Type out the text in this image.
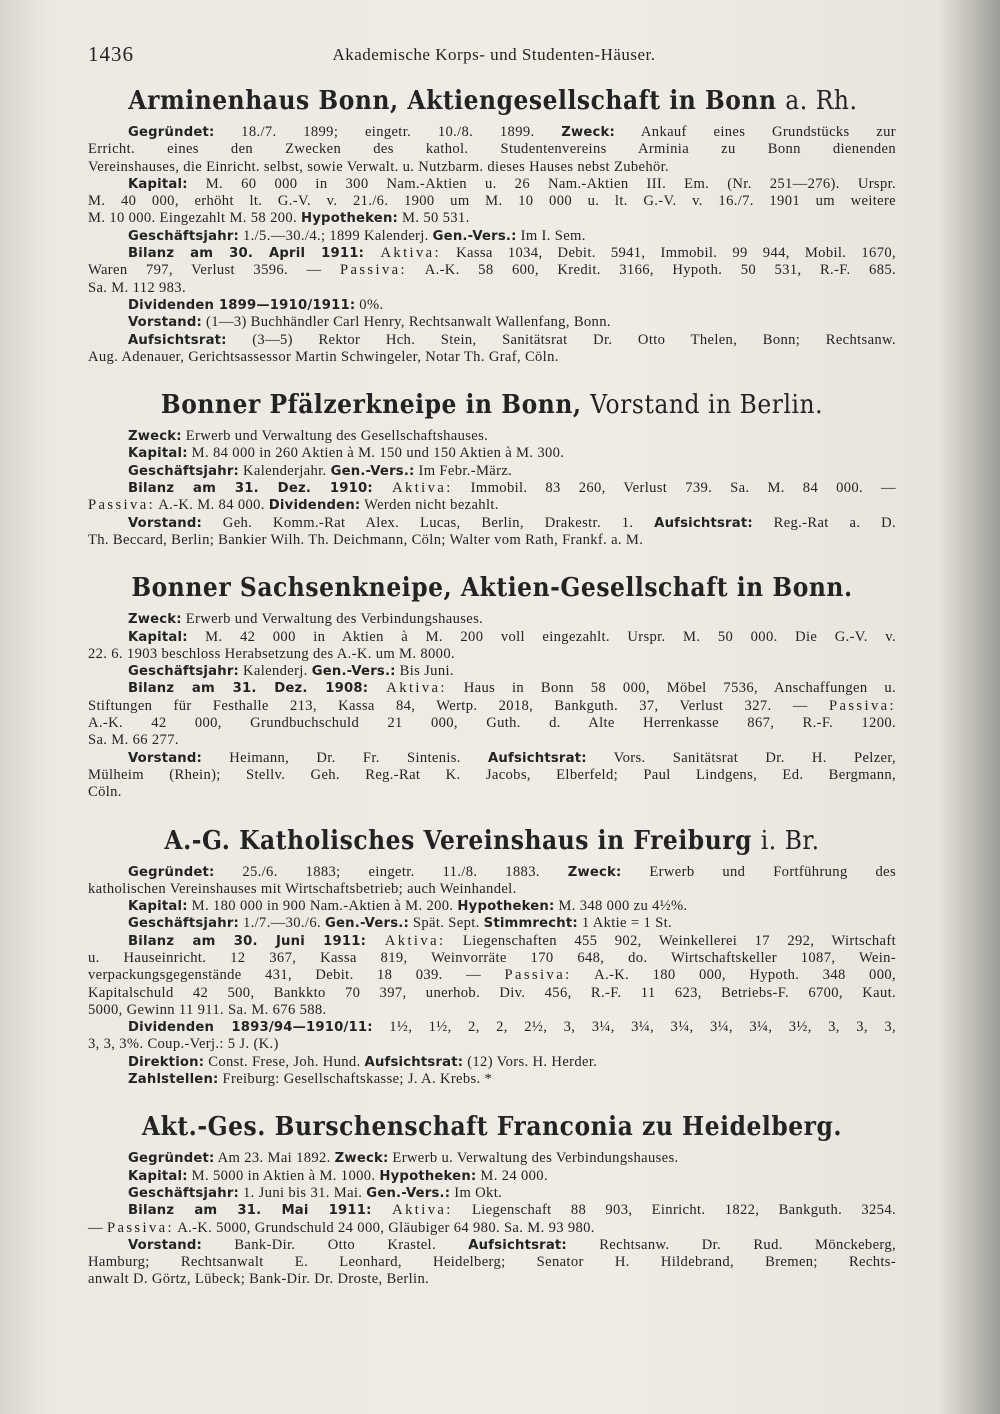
1436	Akademische Korps- und Studenten-Häuser.
Arminenhaus Bonn, Aktiengesellschaft in Bonn a. Rh.
Gegründet: 18./7. 1899; eingetr. 10./8. 1899. Zweck: Ankauf eines Grundstücks zur
Erricht. eines den Zwecken des kathol. Studentenvereins Arminia zu Bonn dienenden
Vereinshauses, die Einricht. selbst, sowie Verwalt. u. Nutzbarm. dieses Hauses nebst Zubehör.
Kapital: M. 60 000 in 300 Nam.-Aktien u. 26 Nam.-Aktien III. Em. (Nr. 251—276). Urspr.
M. 40 000, erhöht lt. G.-V. v. 21./6. 1900 um M. 10 000 u. lt. G.-V. v. 16./7. 1901 um weitere
M. 10 000. Eingezahlt M. 58 200. Hypotheken: M. 50 531.
Geschäftsjahr: 1./5.—30./4.; 1899 Kalenderj. Gen.-Vers.: Im I. Sem.
Bilanz am 30. April 1911: Aktiva: Kassa 1034, Debit. 5941, Immobil. 99 944, Mobil. 1670,
Waren 797, Verlust 3596. — Passiva: A.-K. 58 600, Kredit. 3166, Hypoth. 50 531, R.-F. 685.
Sa. M. 112 983.
Dividenden 1899—1910/1911: 0%.
Vorstand: (1—3) Buchhändler Carl Henry, Rechtsanwalt Wallenfang, Bonn.
Aufsichtsrat: (3—5) Rektor Hch. Stein, Sanitätsrat Dr. Otto Thelen, Bonn; Rechtsanw.
Aug. Adenauer, Gerichtsassessor Martin Schwingeler, Notar Th. Graf, Cöln.
Bonner Pfälzerkneipe in Bonn, Vorstand in Berlin.
Zweck: Erwerb und Verwaltung des Gesellschaftshauses.
Kapital: M. 84 000 in 260 Aktien à M. 150 und 150 Aktien à M. 300.
Geschäftsjahr: Kalenderjahr. Gen.-Vers.: Im Febr.-März.
Bilanz am 31. Dez. 1910: Aktiva: Immobil. 83 260, Verlust 739. Sa. M. 84 000. —
Passiva: A.-K. M. 84 000. Dividenden: Werden nicht bezahlt.
Vorstand: Geh. Komm.-Rat Alex. Lucas, Berlin, Drakestr. 1. Aufsichtsrat: Reg.-Rat a. D.
Th. Beccard, Berlin; Bankier Wilh. Th. Deichmann, Cöln; Walter vom Rath, Frankf. a. M.
Bonner Sachsenkneipe, Aktien-Gesellschaft in Bonn.
Zweck: Erwerb und Verwaltung des Verbindungshauses.
Kapital: M. 42 000 in Aktien à M. 200 voll eingezahlt. Urspr. M. 50 000. Die G.-V. v.
22. 6. 1903 beschloss Herabsetzung des A.-K. um M. 8000.
Geschäftsjahr: Kalenderj. Gen.-Vers.: Bis Juni.
Bilanz am 31. Dez. 1908: Aktiva: Haus in Bonn 58 000, Möbel 7536, Anschaffungen u.
Stiftungen für Festhalle 213, Kassa 84, Wertp. 2018, Bankguth. 37, Verlust 327. — Passiva:
A.-K. 42 000, Grundbuchschuld 21 000, Guth. d. Alte Herrenkasse 867, R.-F. 1200.
Sa. M. 66 277.
Vorstand: Heimann, Dr. Fr. Sintenis. Aufsichtsrat: Vors. Sanitätsrat Dr. H. Pelzer,
Mülheim (Rhein); Stellv. Geh. Reg.-Rat K. Jacobs, Elberfeld; Paul Lindgens, Ed. Bergmann,
Cöln.
A.-G. Katholisches Vereinshaus in Freiburg i. Br.
Gegründet: 25./6. 1883; eingetr. 11./8. 1883. Zweck: Erwerb und Fortführung des
katholischen Vereinshauses mit Wirtschaftsbetrieb; auch Weinhandel.
Kapital: M. 180 000 in 900 Nam.-Aktien à M. 200. Hypotheken: M. 348 000 zu 4½%.
Geschäftsjahr: 1./7.—30./6. Gen.-Vers.: Spät. Sept. Stimmrecht: 1 Aktie = 1 St.
Bilanz am 30. Juni 1911: Aktiva: Liegenschaften 455 902, Weinkellerei 17 292, Wirtschaft
u. Hauseinricht. 12 367, Kassa 819, Weinvorräte 170 648, do. Wirtschaftskeller 1087, Wein-
verpackungsgegenstände 431, Debit. 18 039. — Passiva: A.-K. 180 000, Hypoth. 348 000,
Kapitalschuld 42 500, Bankkto 70 397, unerhob. Div. 456, R.-F. 11 623, Betriebs-F. 6700, Kaut.
5000, Gewinn 11 911. Sa. M. 676 588.
Dividenden 1893/94—1910/11: 1½, 1½, 2, 2, 2½, 3, 3¼, 3¼, 3¼, 3¼, 3¼, 3½, 3, 3, 3,
3, 3, 3%. Coup.-Verj.: 5 J. (K.)
Direktion: Const. Frese, Joh. Hund. Aufsichtsrat: (12) Vors. H. Herder.
Zahlstellen: Freiburg: Gesellschaftskasse; J. A. Krebs. *
Akt.-Ges. Burschenschaft Franconia zu Heidelberg.
Gegründet: Am 23. Mai 1892. Zweck: Erwerb u. Verwaltung des Verbindungshauses.
Kapital: M. 5000 in Aktien à M. 1000. Hypotheken: M. 24 000.
Geschäftsjahr: 1. Juni bis 31. Mai. Gen.-Vers.: Im Okt.
Bilanz am 31. Mai 1911: Aktiva: Liegenschaft 88 903, Einricht. 1822, Bankguth. 3254.
— Passiva: A.-K. 5000, Grundschuld 24 000, Gläubiger 64 980. Sa. M. 93 980.
Vorstand: Bank-Dir. Otto Krastel. Aufsichtsrat: Rechtsanw. Dr. Rud. Mönckeberg,
Hamburg; Rechtsanwalt E. Leonhard, Heidelberg; Senator H. Hildebrand, Bremen; Rechts-
anwalt D. Görtz, Lübeck; Bank-Dir. Dr. Droste, Berlin.
